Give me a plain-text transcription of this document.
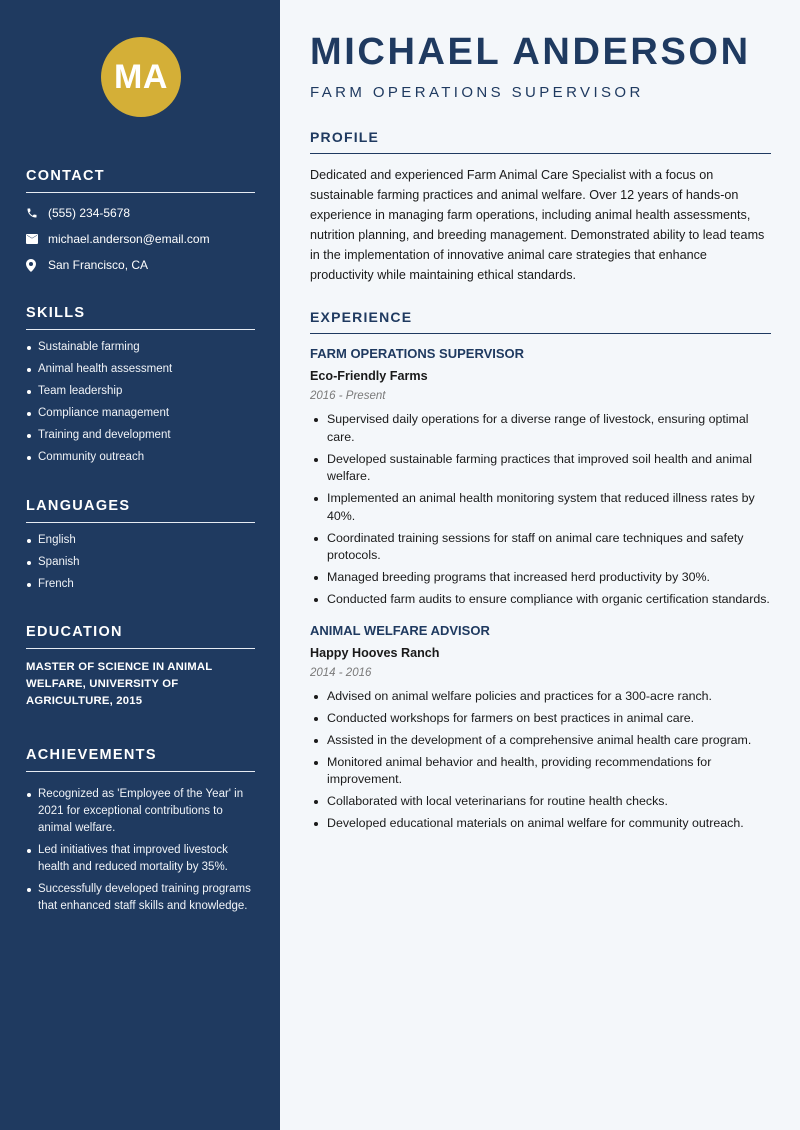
MA
CONTACT
(555) 234-5678
michael.anderson@email.com
San Francisco, CA
SKILLS
Sustainable farming
Animal health assessment
Team leadership
Compliance management
Training and development
Community outreach
LANGUAGES
English
Spanish
French
EDUCATION
MASTER OF SCIENCE IN ANIMAL WELFARE, UNIVERSITY OF AGRICULTURE, 2015
ACHIEVEMENTS
Recognized as 'Employee of the Year' in 2021 for exceptional contributions to animal welfare.
Led initiatives that improved livestock health and reduced mortality by 35%.
Successfully developed training programs that enhanced staff skills and knowledge.
MICHAEL ANDERSON
FARM OPERATIONS SUPERVISOR
PROFILE

Dedicated and experienced Farm Animal Care Specialist with a focus on sustainable farming practices and animal welfare. Over 12 years of hands-on experience in managing farm operations, including animal health assessments, nutrition planning, and breeding management. Demonstrated ability to lead teams in the implementation of innovative animal care strategies that enhance productivity while maintaining ethical standards.

EXPERIENCE
FARM OPERATIONS SUPERVISOR
Eco-Friendly Farms
2016 - Present
Supervised daily operations for a diverse range of livestock, ensuring optimal care.
Developed sustainable farming practices that improved soil health and animal welfare.
Implemented an animal health monitoring system that reduced illness rates by 40%.
Coordinated training sessions for staff on animal care techniques and safety protocols.
Managed breeding programs that increased herd productivity by 30%.
Conducted farm audits to ensure compliance with organic certification standards.
ANIMAL WELFARE ADVISOR
Happy Hooves Ranch
2014 - 2016
Advised on animal welfare policies and practices for a 300-acre ranch.
Conducted workshops for farmers on best practices in animal care.
Assisted in the development of a comprehensive animal health care program.
Monitored animal behavior and health, providing recommendations for improvement.
Collaborated with local veterinarians for routine health checks.
Developed educational materials on animal welfare for community outreach.
